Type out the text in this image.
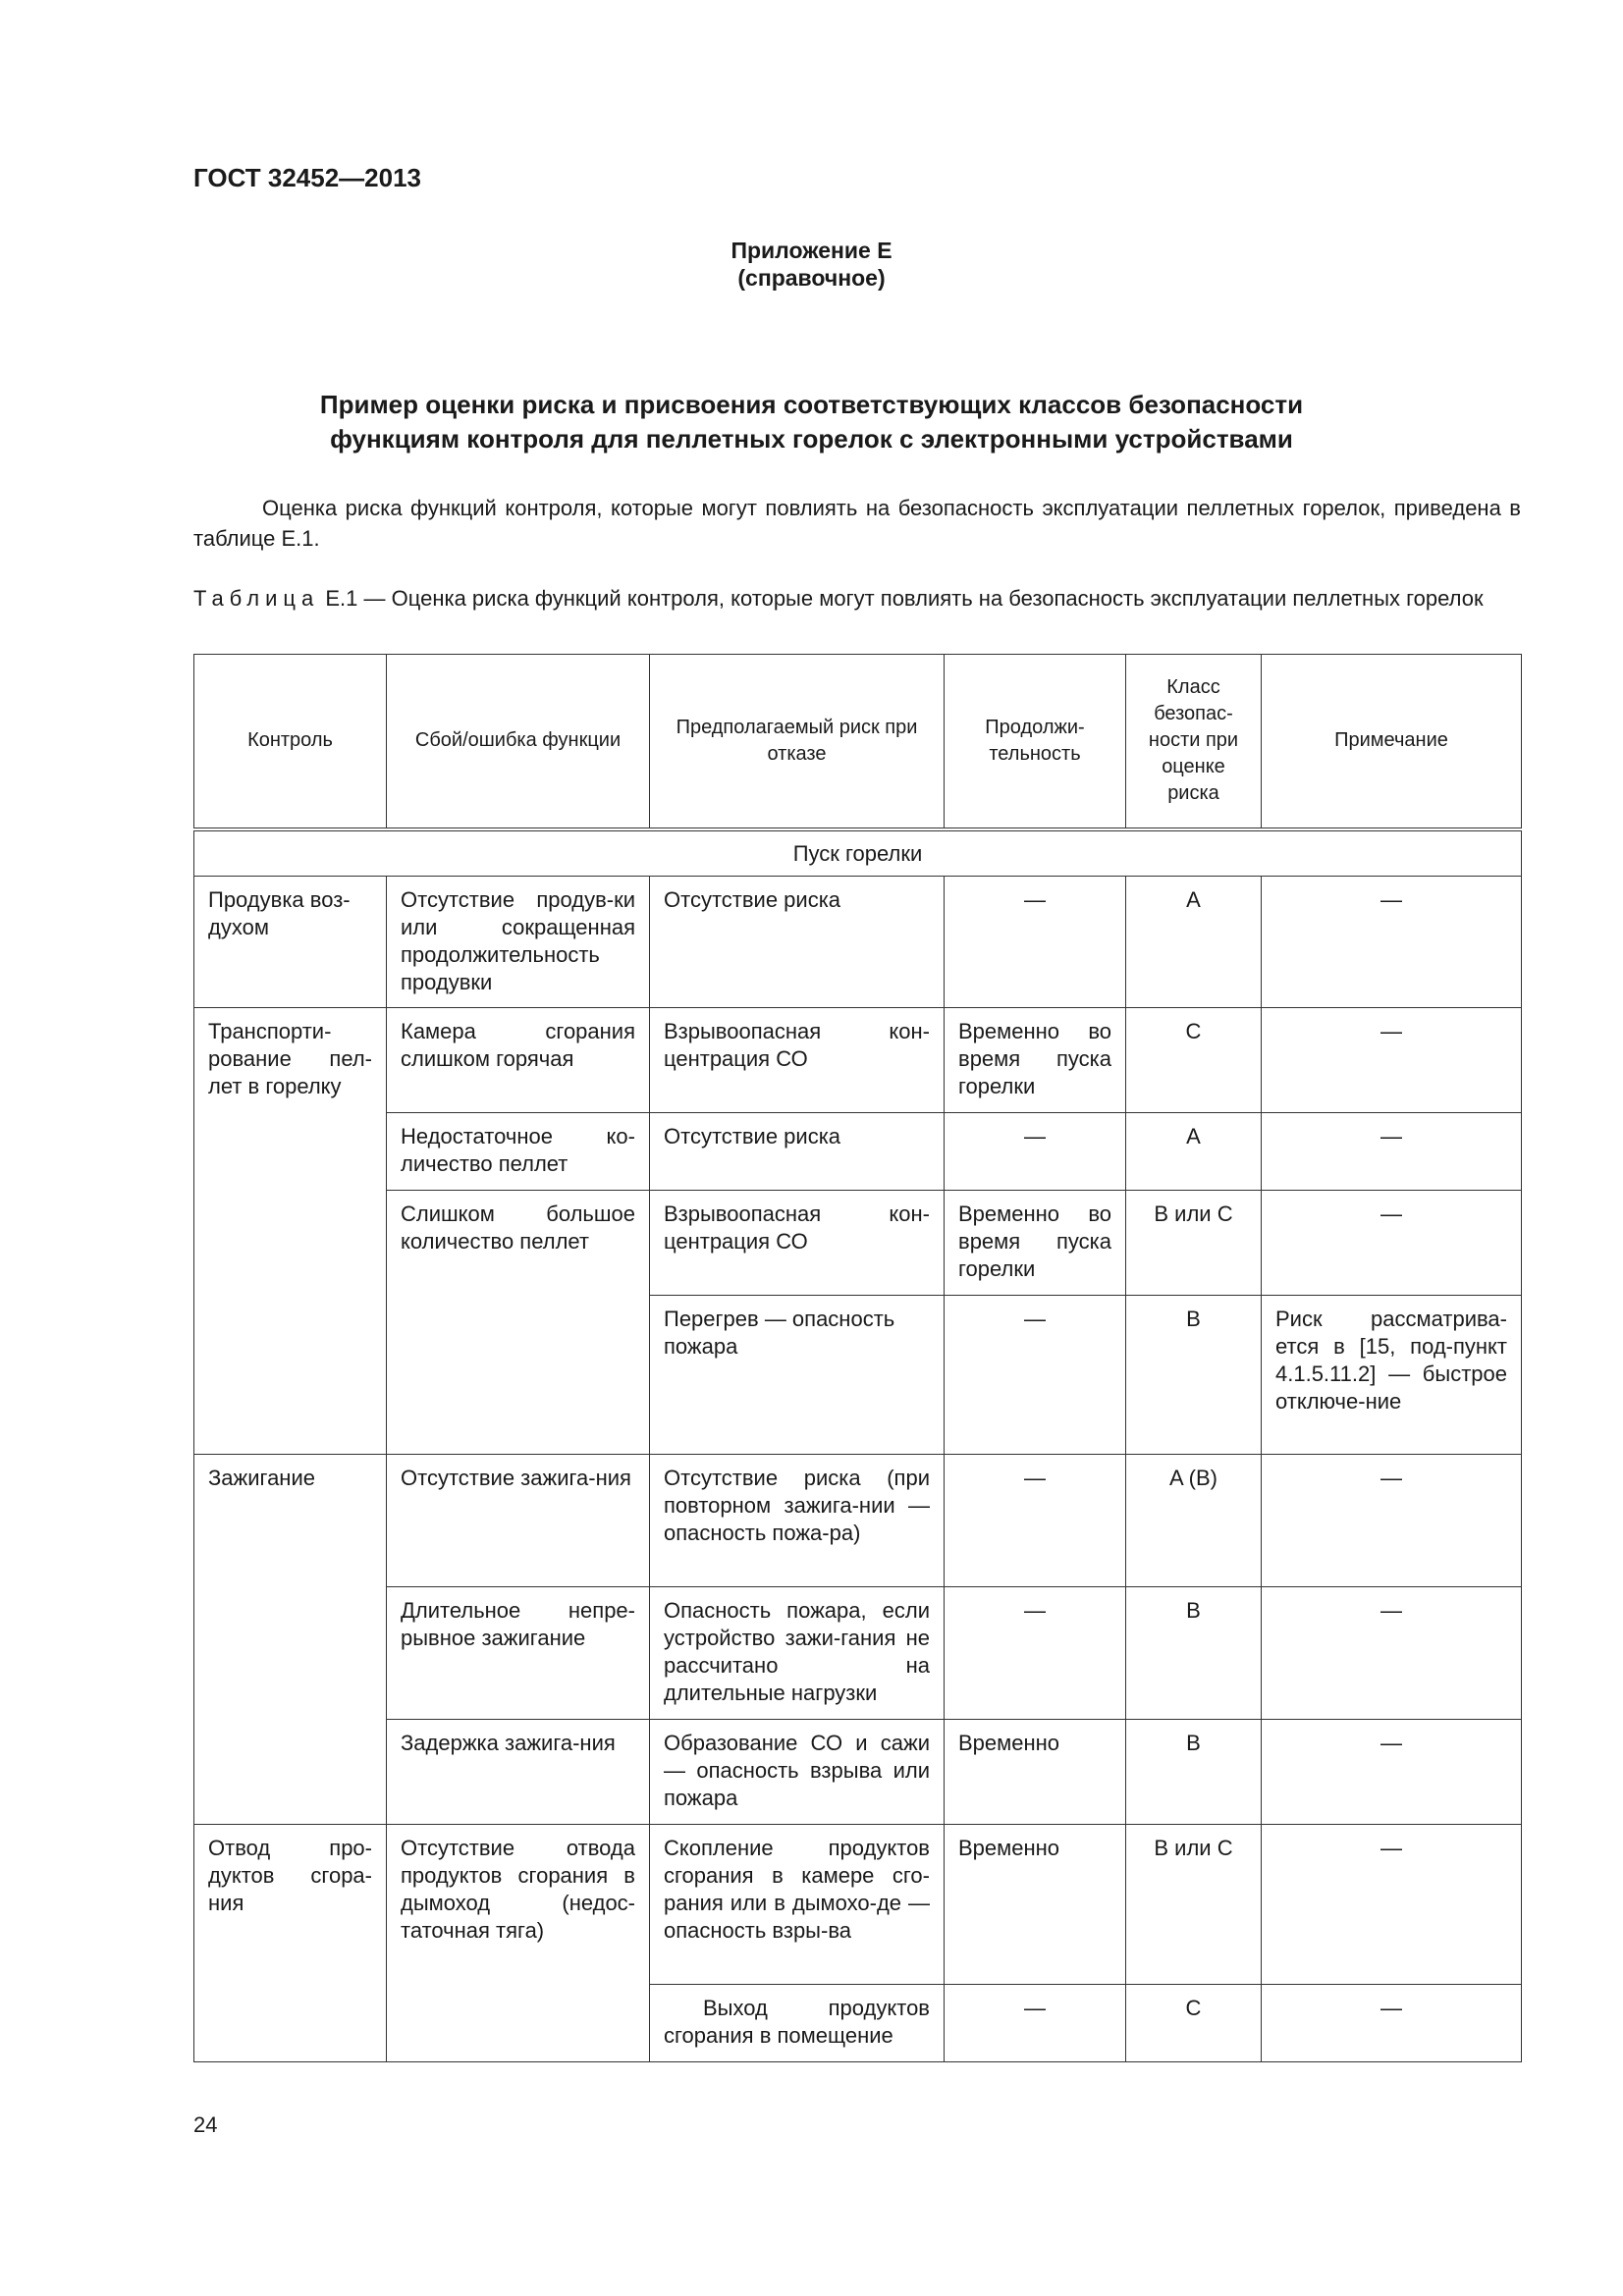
ГОСТ 32452—2013
Приложение Е
(справочное)
Пример оценки риска и присвоения соответствующих классов безопасности
функциям контроля для пеллетных горелок с электронными устройствами
Оценка риска функций контроля, которые могут повлиять на безопасность эксплуатации пеллетных горелок, приведена в таблице Е.1.
Таблица Е.1 — Оценка риска функций контроля, которые могут повлиять на безопасность эксплуатации пеллетных горелок
Контроль	Сбой/ошибка функции	Предполагаемый риск при отказе	Продолжи-тельность	Класс безопас-ности при оценке риска	Примечание
Пуск горелки					
Продувка воз-духом	Отсутствие продув-ки или сокращенная продолжительность продувки	Отсутствие риска	—	A	—
Транспорти-рование пел-лет в горелку	Камера сгорания слишком горячая	Взрывоопасная кон-центрация СО	Временно во время пуска горелки	C	—
	Недостаточное ко-личество пеллет	Отсутствие риска	—	A	—
	Слишком большое количество пеллет	Взрывоопасная кон-центрация СО	Временно во время пуска горелки	B или C	—
		Перегрев — опасность пожара	—	B	Риск рассматрива-ется в [15, под-пункт 4.1.5.11.2] — быстрое отключе-ние
Зажигание	Отсутствие зажига-ния	Отсутствие риска (при повторном зажига-нии — опасность пожа-ра)	—	A (B)	—
	Длительное непре-рывное зажигание	Опасность пожара, если устройство зажи-гания не рассчитано на длительные нагрузки	—	B	—
	Задержка зажига-ния	Образование СО и сажи — опасность взрыва или пожара	Временно	B	—
Отвод про-дуктов сгора-ния	Отсутствие отвода продуктов сгорания в дымоход (недос-таточная тяга)	Скопление продуктов сгорания в камере сго-рания или в дымохо-де — опасность взры-ва	Временно	B или C	—
		Выход продуктов сгорания в помещение	—	C	—
24
